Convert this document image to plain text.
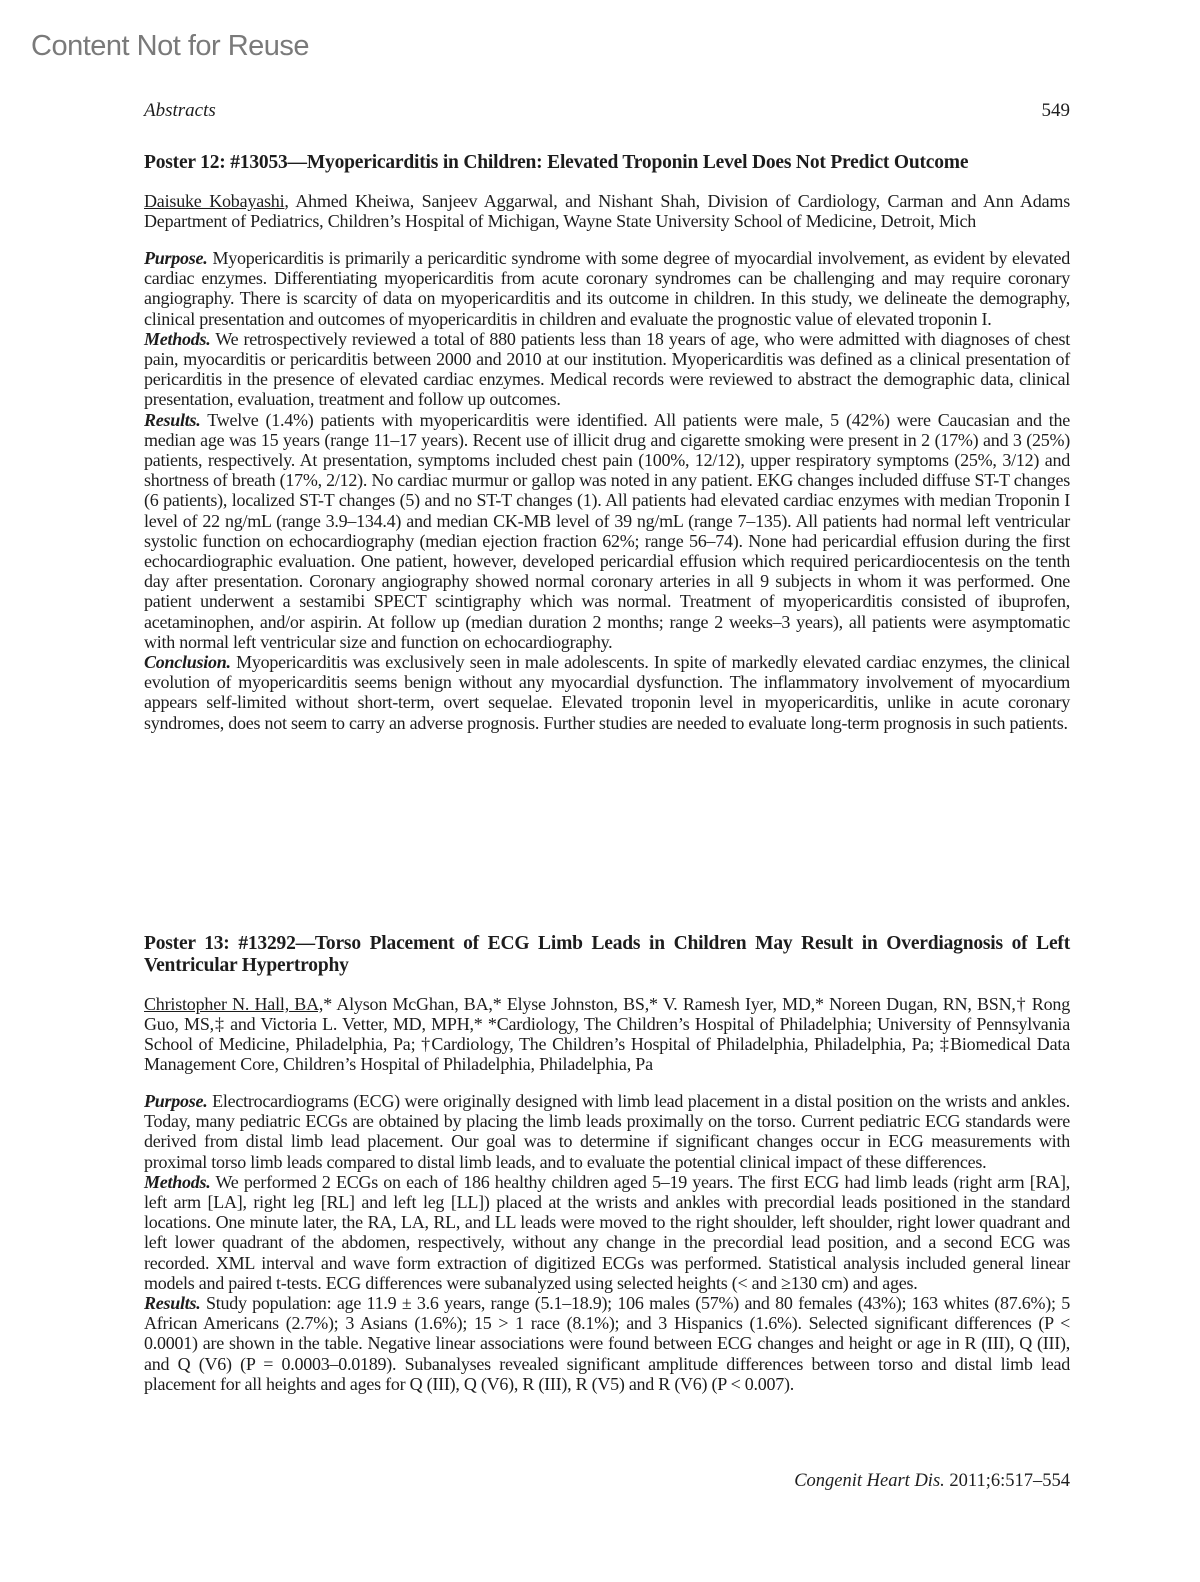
Content Not for Reuse
Abstracts	549

Poster 12: #13053—Myopericarditis in Children: Elevated Troponin Level Does Not Predict Outcome

Daisuke Kobayashi, Ahmed Kheiwa, Sanjeev Aggarwal, and Nishant Shah, Division of Cardiology, Carman and Ann Adams Department of Pediatrics, Children’s Hospital of Michigan, Wayne State University School of Medicine, Detroit, Mich

Purpose. Myopericarditis is primarily a pericarditic syndrome with some degree of myocardial involvement, as evident by elevated cardiac enzymes. Differentiating myopericarditis from acute coronary syndromes can be challenging and may require coronary angiography. There is scarcity of data on myopericarditis and its outcome in children. In this study, we delineate the demography, clinical presentation and outcomes of myopericarditis in children and evaluate the prognostic value of elevated troponin I.

Methods. We retrospectively reviewed a total of 880 patients less than 18 years of age, who were admitted with diagnoses of chest pain, myocarditis or pericarditis between 2000 and 2010 at our institution. Myopericarditis was defined as a clinical presentation of pericarditis in the presence of elevated cardiac enzymes. Medical records were reviewed to abstract the demographic data, clinical presentation, evaluation, treatment and follow up outcomes.

Results. Twelve (1.4%) patients with myopericarditis were identified. All patients were male, 5 (42%) were Caucasian and the median age was 15 years (range 11–17 years). Recent use of illicit drug and cigarette smoking were present in 2 (17%) and 3 (25%) patients, respectively. At presentation, symptoms included chest pain (100%, 12/12), upper respiratory symptoms (25%, 3/12) and shortness of breath (17%, 2/12). No cardiac murmur or gallop was noted in any patient. EKG changes included diffuse ST-T changes (6 patients), localized ST-T changes (5) and no ST-T changes (1). All patients had elevated cardiac enzymes with median Troponin I level of 22 ng/mL (range 3.9–134.4) and median CK-MB level of 39 ng/mL (range 7–135). All patients had normal left ventricular systolic function on echocardiography (median ejection fraction 62%; range 56–74). None had pericardial effusion during the first echocardiographic evaluation. One patient, however, developed pericardial effusion which required pericardiocentesis on the tenth day after presentation. Coronary angiography showed normal coronary arteries in all 9 subjects in whom it was performed. One patient underwent a sestamibi SPECT scintigraphy which was normal. Treatment of myopericarditis consisted of ibuprofen, acetaminophen, and/or aspirin. At follow up (median duration 2 months; range 2 weeks–3 years), all patients were asymptomatic with normal left ventricular size and function on echocardiography.

Conclusion. Myopericarditis was exclusively seen in male adolescents. In spite of markedly elevated cardiac enzymes, the clinical evolution of myopericarditis seems benign without any myocardial dysfunction. The inflammatory involvement of myocardium appears self-limited without short-term, overt sequelae. Elevated troponin level in myopericarditis, unlike in acute coronary syndromes, does not seem to carry an adverse prognosis. Further studies are needed to evaluate long-term prognosis in such patients.

Poster 13: #13292—Torso Placement of ECG Limb Leads in Children May Result in Overdiagnosis of Left Ventricular Hypertrophy

Christopher N. Hall, BA,* Alyson McGhan, BA,* Elyse Johnston, BS,* V. Ramesh Iyer, MD,* Noreen Dugan, RN, BSN,† Rong Guo, MS,‡ and Victoria L. Vetter, MD, MPH,* *Cardiology, The Children’s Hospital of Philadelphia; University of Pennsylvania School of Medicine, Philadelphia, Pa; †Cardiology, The Children’s Hospital of Philadelphia, Philadelphia, Pa; ‡Biomedical Data Management Core, Children’s Hospital of Philadelphia, Philadelphia, Pa

Purpose. Electrocardiograms (ECG) were originally designed with limb lead placement in a distal position on the wrists and ankles. Today, many pediatric ECGs are obtained by placing the limb leads proximally on the torso. Current pediatric ECG standards were derived from distal limb lead placement. Our goal was to determine if significant changes occur in ECG measurements with proximal torso limb leads compared to distal limb leads, and to evaluate the potential clinical impact of these differences.

Methods. We performed 2 ECGs on each of 186 healthy children aged 5–19 years. The first ECG had limb leads (right arm [RA], left arm [LA], right leg [RL] and left leg [LL]) placed at the wrists and ankles with precordial leads positioned in the standard locations. One minute later, the RA, LA, RL, and LL leads were moved to the right shoulder, left shoulder, right lower quadrant and left lower quadrant of the abdomen, respectively, without any change in the precordial lead position, and a second ECG was recorded. XML interval and wave form extraction of digitized ECGs was performed. Statistical analysis included general linear models and paired t-tests. ECG differences were subanalyzed using selected heights (< and ≥130 cm) and ages.

Results. Study population: age 11.9 ± 3.6 years, range (5.1–18.9); 106 males (57%) and 80 females (43%); 163 whites (87.6%); 5 African Americans (2.7%); 3 Asians (1.6%); 15 > 1 race (8.1%); and 3 Hispanics (1.6%). Selected significant differences (P < 0.0001) are shown in the table. Negative linear associations were found between ECG changes and height or age in R (III), Q (III), and Q (V6) (P = 0.0003–0.0189). Subanalyses revealed significant amplitude differences between torso and distal limb lead placement for all heights and ages for Q (III), Q (V6), R (III), R (V5) and R (V6) (P < 0.007).

Congenit Heart Dis. 2011;6:517–554
